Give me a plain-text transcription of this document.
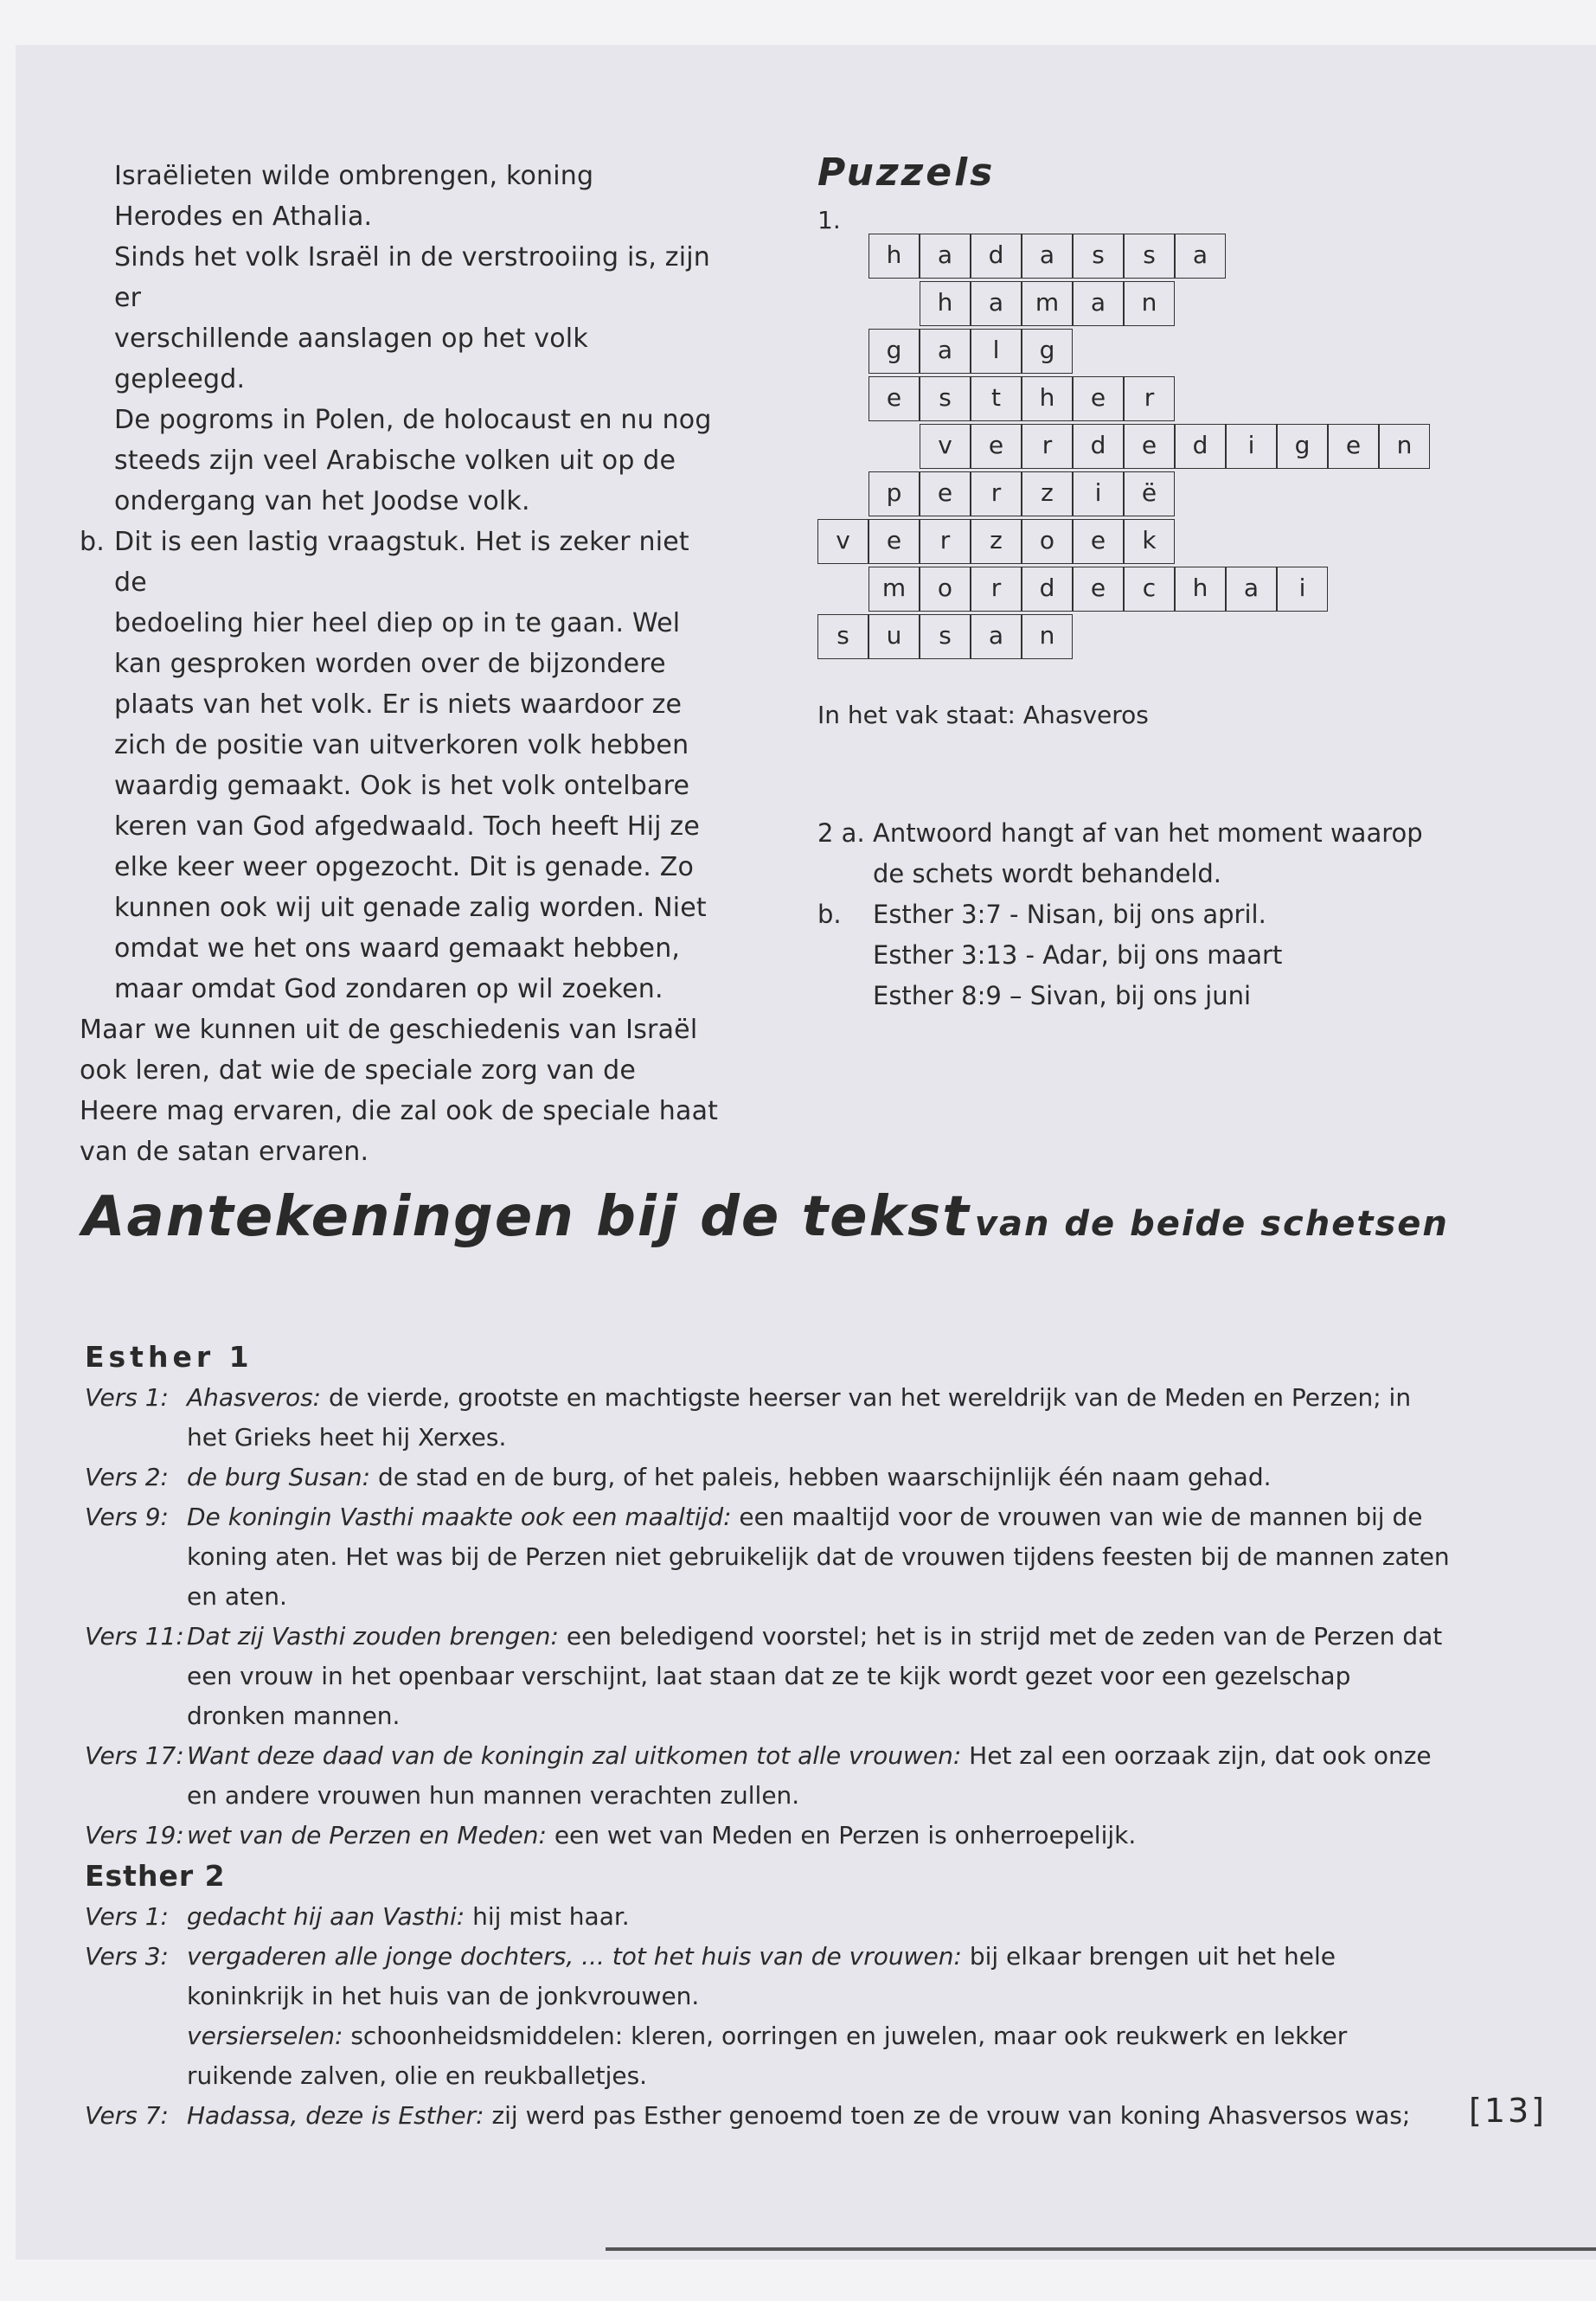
Israëlieten wilde ombrengen, koning
Herodes en Athalia.
Sinds het volk Israël in de verstrooiing is, zijn er
verschillende aanslagen op het volk gepleegd.
De pogroms in Polen, de holocaust en nu nog
steeds zijn veel Arabische volken uit op de
ondergang van het Joodse volk.
b. Dit is een lastig vraagstuk. Het is zeker niet de
bedoeling hier heel diep op in te gaan. Wel
kan gesproken worden over de bijzondere
plaats van het volk. Er is niets waardoor ze
zich de positie van uitverkoren volk hebben
waardig gemaakt. Ook is het volk ontelbare
keren van God afgedwaald. Toch heeft Hij ze
elke keer weer opgezocht. Dit is genade. Zo
kunnen ook wij uit genade zalig worden. Niet
omdat we het ons waard gemaakt hebben,
maar omdat God zondaren op wil zoeken.
Maar we kunnen uit de geschiedenis van Israël
ook leren, dat wie de speciale zorg van de
Heere mag ervaren, die zal ook de speciale haat
van de satan ervaren.
Puzzels
1.
h	a	d	a	s	s	a
h	a	m	a	n
g	a	l	g
e	s	t	h	e	r
v	e	r	d	e	d	i	g	e	n
p	e	r	z	i	ë
v	e	r	z	o	e	k
m	o	r	d	e	c	h	a	i
s	u	s	a	n
In het vak staat: Ahasveros
2 a. Antwoord hangt af van het moment waarop
de schets wordt behandeld.
b.	Esther 3:7 - Nisan, bij ons april.
Esther 3:13 - Adar, bij ons maart
Esther 8:9 – Sivan, bij ons juni
Aantekeningen bij de tekst van de beide schetsen
Esther 1
Vers 1: Ahasveros: de vierde, grootste en machtigste heerser van het wereldrijk van de Meden en Perzen; in het Grieks heet hij Xerxes.
Vers 2: de burg Susan: de stad en de burg, of het paleis, hebben waarschijnlijk één naam gehad.
Vers 9: De koningin Vasthi maakte ook een maaltijd: een maaltijd voor de vrouwen van wie de mannen bij de koning aten. Het was bij de Perzen niet gebruikelijk dat de vrouwen tijdens feesten bij de mannen zaten en aten.
Vers 11: Dat zij Vasthi zouden brengen: een beledigend voorstel; het is in strijd met de zeden van de Perzen dat een vrouw in het openbaar verschijnt, laat staan dat ze te kijk wordt gezet voor een gezelschap dronken mannen.
Vers 17: Want deze daad van de koningin zal uitkomen tot alle vrouwen: Het zal een oorzaak zijn, dat ook onze en andere vrouwen hun mannen verachten zullen.
Vers 19: wet van de Perzen en Meden: een wet van Meden en Perzen is onherroepelijk.
Esther 2
Vers 1: gedacht hij aan Vasthi: hij mist haar.
Vers 3: vergaderen alle jonge dochters, ... tot het huis van de vrouwen: bij elkaar brengen uit het hele koninkrijk in het huis van de jonkvrouwen.
versierselen: schoonheidsmiddelen: kleren, oorringen en juwelen, maar ook reukwerk en lekker ruikende zalven, olie en reukballetjes.
Vers 7: Hadassa, deze is Esther: zij werd pas Esther genoemd toen ze de vrouw van koning Ahasversos was;	[13]
